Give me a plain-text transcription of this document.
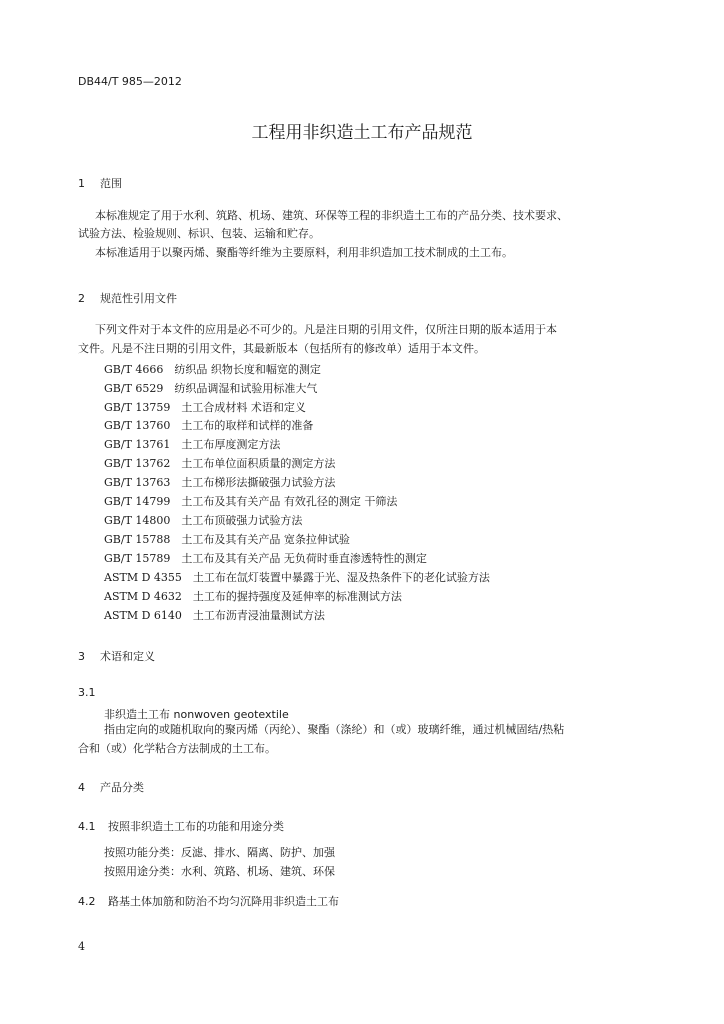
DB44/T 985—2012
工程用非织造土工布产品规范
1 范围
本标准规定了用于水利、筑路、机场、建筑、环保等工程的非织造土工布的产品分类、技术要求、
试验方法、检验规则、标识、包装、运输和贮存。
本标准适用于以聚丙烯、聚酯等纤维为主要原料，利用非织造加工技术制成的土工布。
2 规范性引用文件
下列文件对于本文件的应用是必不可少的。凡是注日期的引用文件，仅所注日期的版本适用于本
文件。凡是不注日期的引用文件，其最新版本（包括所有的修改单）适用于本文件。
GB/T 4666　纺织品 织物长度和幅宽的测定
GB/T 6529　纺织品调湿和试验用标准大气
GB/T 13759　土工合成材料 术语和定义
GB/T 13760　土工布的取样和试样的准备
GB/T 13761　土工布厚度测定方法
GB/T 13762　土工布单位面积质量的测定方法
GB/T 13763　土工布梯形法撕破强力试验方法
GB/T 14799　土工布及其有关产品 有效孔径的测定 干筛法
GB/T 14800　土工布顶破强力试验方法
GB/T 15788　土工布及其有关产品 宽条拉伸试验
GB/T 15789　土工布及其有关产品 无负荷时垂直渗透特性的测定
ASTM D 4355　土工布在氙灯装置中暴露于光、湿及热条件下的老化试验方法
ASTM D 4632　土工布的握持强度及延伸率的标准测试方法
ASTM D 6140　土工布沥青浸油量测试方法
3 术语和定义
3.1
非织造土工布 nonwoven geotextile
指由定向的或随机取向的聚丙烯（丙纶）、聚酯（涤纶）和（或）玻璃纤维，通过机械固结/热粘
合和（或）化学粘合方法制成的土工布。
4 产品分类
4.1 按照非织造土工布的功能和用途分类
按照功能分类：反滤、排水、隔离、防护、加强
按照用途分类：水利、筑路、机场、建筑、环保
4.2 路基土体加筋和防治不均匀沉降用非织造土工布
4
